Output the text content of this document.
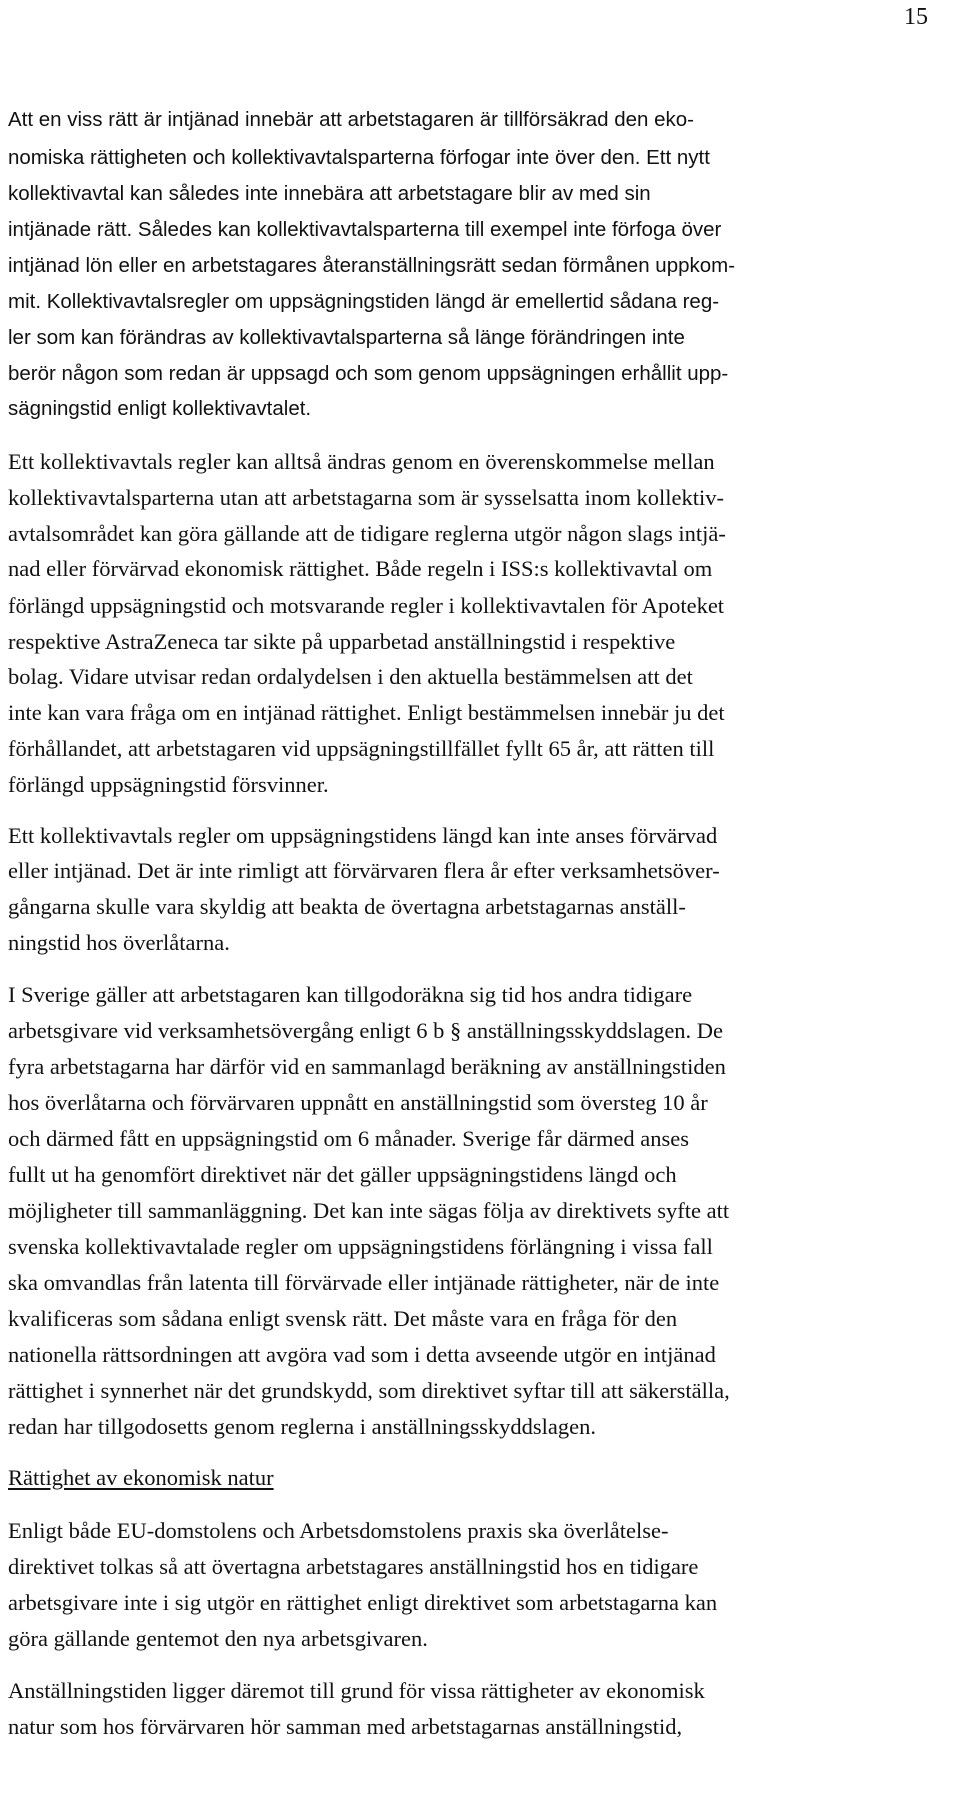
15
Att en viss rätt är intjänad innebär att arbetstagaren är tillförsäkrad den eko-
nomiska rättigheten och kollektivavtalsparterna förfogar inte över den. Ett nytt
kollektivavtal kan således inte innebära att arbetstagare blir av med sin
intjänade rätt. Således kan kollektivavtalsparterna till exempel inte förfoga över
intjänad lön eller en arbetstagares återanställningsrätt sedan förmånen uppkom-
mit. Kollektivavtalsregler om uppsägningstiden längd är emellertid sådana reg-
ler som kan förändras av kollektivavtalsparterna så länge förändringen inte
berör någon som redan är uppsagd och som genom uppsägningen erhållit upp-
sägningstid enligt kollektivavtalet.
Ett kollektivavtals regler kan alltså ändras genom en överenskommelse mellan
kollektivavtalsparterna utan att arbetstagarna som är sysselsatta inom kollektiv-
avtalsområdet kan göra gällande att de tidigare reglerna utgör någon slags intjä-
nad eller förvärvad ekonomisk rättighet. Både regeln i ISS:s kollektivavtal om
förlängd uppsägningstid och motsvarande regler i kollektivavtalen för Apoteket
respektive AstraZeneca tar sikte på upparbetad anställningstid i respektive
bolag. Vidare utvisar redan ordalydelsen i den aktuella bestämmelsen att det
inte kan vara fråga om en intjänad rättighet. Enligt bestämmelsen innebär ju det
förhållandet, att arbetstagaren vid uppsägningstillfället fyllt 65 år, att rätten till
förlängd uppsägningstid försvinner.
Ett kollektivavtals regler om uppsägningstidens längd kan inte anses förvärvad
eller intjänad. Det är inte rimligt att förvärvaren flera år efter verksamhetsöver-
gångarna skulle vara skyldig att beakta de övertagna arbetstagarnas anställ-
ningstid hos överlåtarna.
I Sverige gäller att arbetstagaren kan tillgodoräkna sig tid hos andra tidigare
arbetsgivare vid verksamhetsövergång enligt 6 b § anställningsskyddslagen. De
fyra arbetstagarna har därför vid en sammanlagd beräkning av anställningstiden
hos överlåtarna och förvärvaren uppnått en anställningstid som översteg 10 år
och därmed fått en uppsägningstid om 6 månader. Sverige får därmed anses
fullt ut ha genomfört direktivet när det gäller uppsägningstidens längd och
möjligheter till sammanläggning. Det kan inte sägas följa av direktivets syfte att
svenska kollektivavtalade regler om uppsägningstidens förlängning i vissa fall
ska omvandlas från latenta till förvärvade eller intjänade rättigheter, när de inte
kvalificeras som sådana enligt svensk rätt. Det måste vara en fråga för den
nationella rättsordningen att avgöra vad som i detta avseende utgör en intjänad
rättighet i synnerhet när det grundskydd, som direktivet syftar till att säkerställa,
redan har tillgodosetts genom reglerna i anställningsskyddslagen.
Rättighet av ekonomisk natur
Enligt både EU-domstolens och Arbetsdomstolens praxis ska överlåtelse-
direktivet tolkas så att övertagna arbetstagares anställningstid hos en tidigare
arbetsgivare inte i sig utgör en rättighet enligt direktivet som arbetstagarna kan
göra gällande gentemot den nya arbetsgivaren.
Anställningstiden ligger däremot till grund för vissa rättigheter av ekonomisk
natur som hos förvärvaren hör samman med arbetstagarnas anställningstid,
